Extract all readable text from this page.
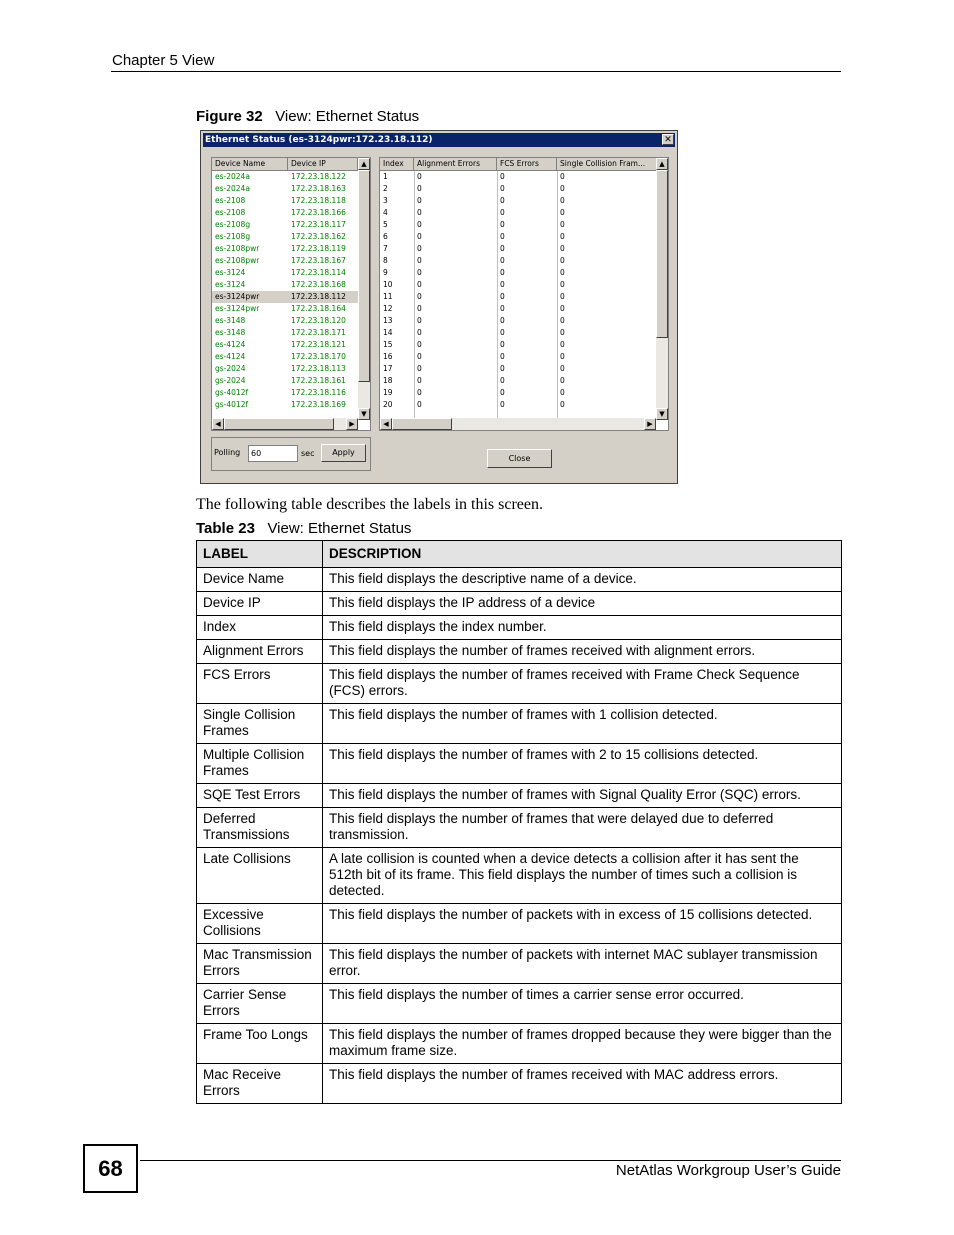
Chapter 5 View
Figure 32 View: Ethernet Status
Ethernet Status (es-3124pwr:172.23.18.112)	✕
Device Name	Device IP
es-2024a	172.23.18.122
es-2024a	172.23.18.163
es-2108	172.23.18.118
es-2108	172.23.18.166
es-2108g	172.23.18.117
es-2108g	172.23.18.162
es-2108pwr	172.23.18.119
es-2108pwr	172.23.18.167
es-3124	172.23.18.114
es-3124	172.23.18.168
es-3124pwr	172.23.18.112
es-3124pwr	172.23.18.164
es-3148	172.23.18.120
es-3148	172.23.18.171
es-4124	172.23.18.121
es-4124	172.23.18.170
gs-2024	172.23.18.113
gs-2024	172.23.18.161
gs-4012f	172.23.18.116
gs-4012f	172.23.18.169
▲
▼
◀	▶
Index	Alignment Errors	FCS Errors	Single Collision Fram...
1	0	0	0
2	0	0	0
3	0	0	0
4	0	0	0
5	0	0	0
6	0	0	0
7	0	0	0
8	0	0	0
9	0	0	0
10	0	0	0
11	0	0	0
12	0	0	0
13	0	0	0
14	0	0	0
15	0	0	0
16	0	0	0
17	0	0	0
18	0	0	0
19	0	0	0
20	0	0	0
▲
▼
◀	▶
Polling
60	sec	Apply
Close
The following table describes the labels in this screen.
Table 23 View: Ethernet Status
LABEL	DESCRIPTION
Device Name	This field displays the descriptive name of a device.
Device IP	This field displays the IP address of a device
Index	This field displays the index number.
Alignment Errors	This field displays the number of frames received with alignment errors.
FCS Errors	This field displays the number of frames received with Frame Check Sequence (FCS) errors.
Single Collision Frames	This field displays the number of frames with 1 collision detected.
Multiple Collision Frames	This field displays the number of frames with 2 to 15 collisions detected.
SQE Test Errors	This field displays the number of frames with Signal Quality Error (SQC) errors.
Deferred Transmissions	This field displays the number of frames that were delayed due to deferred transmission.
Late Collisions	A late collision is counted when a device detects a collision after it has sent the 512th bit of its frame. This field displays the number of times such a collision is detected.
Excessive Collisions	This field displays the number of packets with in excess of 15 collisions detected.
Mac Transmission Errors	This field displays the number of packets with internet MAC sublayer transmission error.
Carrier Sense Errors	This field displays the number of times a carrier sense error occurred.
Frame Too Longs	This field displays the number of frames dropped because they were bigger than the maximum frame size.
Mac Receive Errors	This field displays the number of frames received with MAC address errors.
68	NetAtlas Workgroup User’s Guide
